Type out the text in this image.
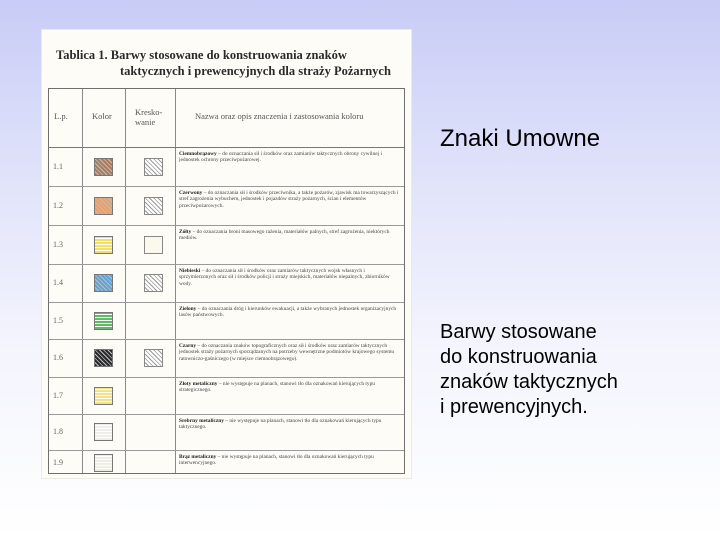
Tablica 1. Barwy stosowane do konstruowania znaków
taktycznych i prewencyjnych dla straży Pożarnych
L.p.	Kolor	Kresko-
wanie
Nazwa oraz opis znaczenia i zastosowania koloru
1.1
Ciemnobrązowy – do oznaczania sił i środków oraz zamiarów taktycznych obrony cywilnej i jednostek ochrony przeciwpożarowej.
1.2
Czerwony – do oznaczania sił i środków przeciwnika, a także pożarów, zjawisk ma towarzyszących i stref zagrożenia wybuchem, jednostek i pojazdów straży pożarnych, ścian i elementów przeciwpożarowych.
1.3
Żółty – do oznaczania broni masowego rażenia, materiałów palnych, stref zagrożenia, niektórych mediów.
1.4
Niebieski – do oznaczania sił i środków oraz zamiarów taktycznych wojsk własnych i sprzymierzonych oraz sił i środków policji i straży miejskich, materiałów niepalnych, zbiorników wody.
1.5
Zielony – do oznaczania dróg i kierunków ewakuacji, a także wybranych jednostek organizacyjnych lasów państwowych.
1.6
Czarny – do oznaczania znaków topograficznych oraz sił i środków oraz zamiarów taktycznych jednostek straży pożarnych sporządzanych na potrzeby wewnętrzne podmiotów krajowego systemu ratowniczo-gaśniczego (w miejsce ciemnobrązowego).
1.7
Złoty metaliczny – nie występuje na planach, stanowi tło dla oznakowań kierujących typu strategicznego.
1.8
Srebrny metaliczny – nie występuje na planach, stanowi tło dla oznakowań kierujących typu taktycznego.
1.9
Brąz metaliczny – nie występuje na planach, stanowi tło dla oznakowań kierujących typu interwencyjnego.
Znaki Umowne
Barwy stosowane
do konstruowania
znaków taktycznych
i prewencyjnych.
